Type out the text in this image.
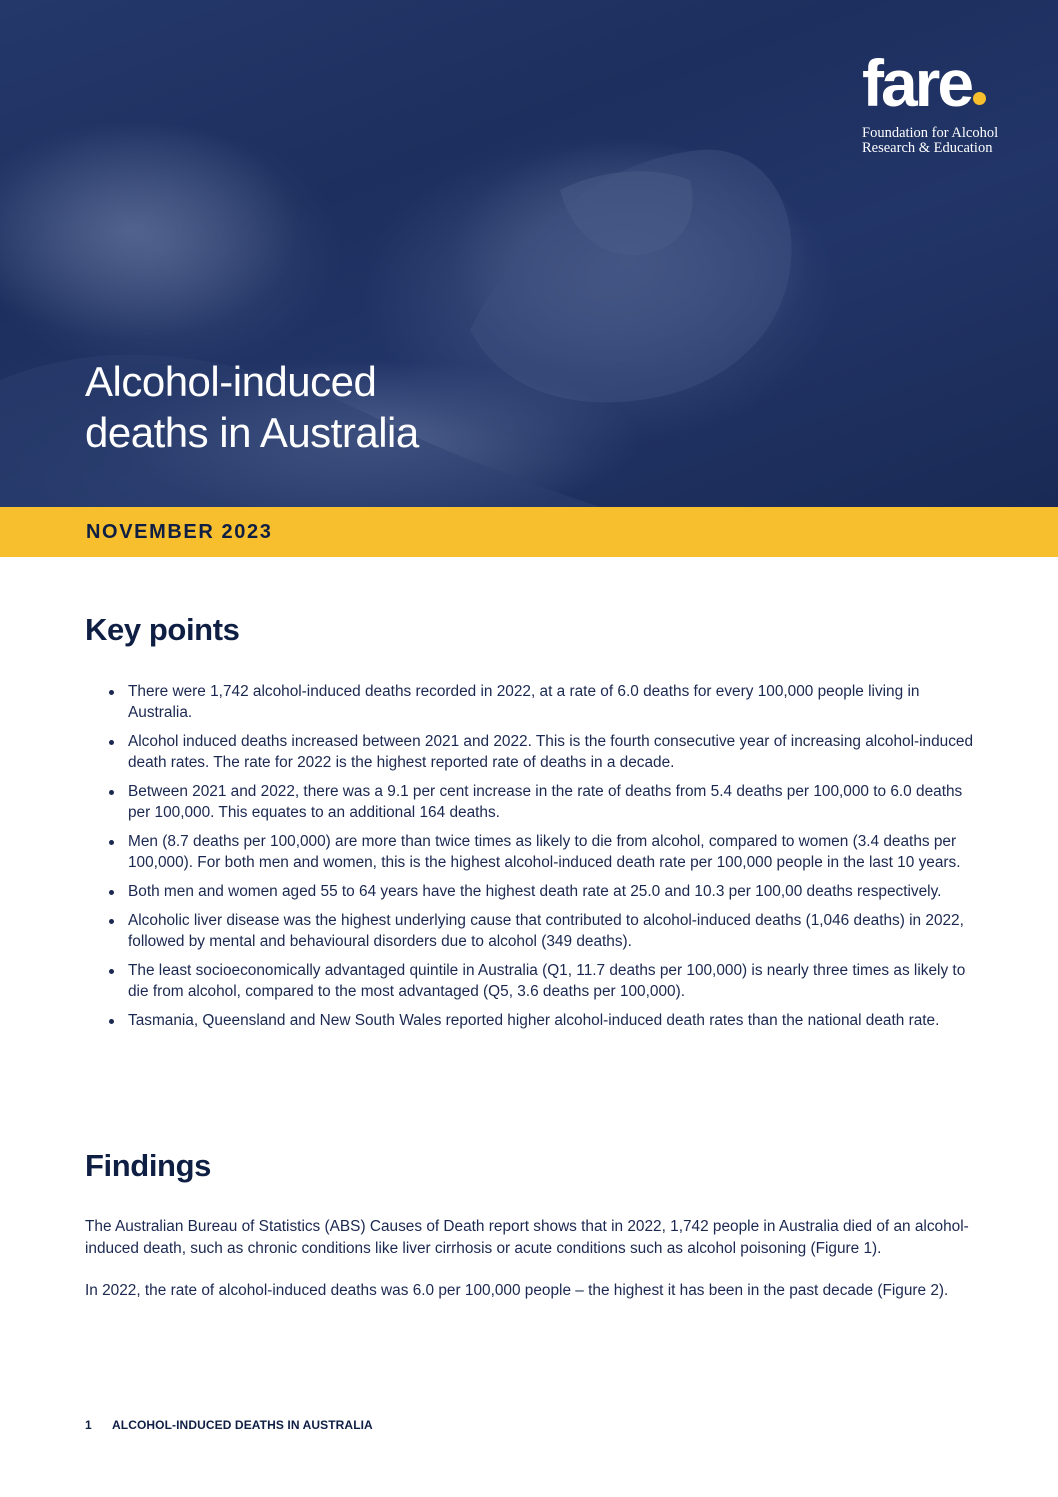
fare
Foundation for Alcohol
Research & Education
Alcohol-induced
deaths in Australia
NOVEMBER 2023
Key points
There were 1,742 alcohol-induced deaths recorded in 2022, at a rate of 6.0 deaths for every 100,000 people living in Australia.
Alcohol induced deaths increased between 2021 and 2022. This is the fourth consecutive year of increasing alcohol-induced death rates. The rate for 2022 is the highest reported rate of deaths in a decade.
Between 2021 and 2022, there was a 9.1 per cent increase in the rate of deaths from 5.4 deaths per 100,000 to 6.0 deaths per 100,000. This equates to an additional 164 deaths.
Men (8.7 deaths per 100,000) are more than twice times as likely to die from alcohol, compared to women (3.4 deaths per 100,000). For both men and women, this is the highest alcohol-induced death rate per 100,000 people in the last 10 years.
Both men and women aged 55 to 64 years have the highest death rate at 25.0 and 10.3 per 100,00 deaths respectively.
Alcoholic liver disease was the highest underlying cause that contributed to alcohol-induced deaths (1,046 deaths) in 2022, followed by mental and behavioural disorders due to alcohol (349 deaths).
The least socioeconomically advantaged quintile in Australia (Q1, 11.7 deaths per 100,000) is nearly three times as likely to die from alcohol, compared to the most advantaged (Q5, 3.6 deaths per 100,000).
Tasmania, Queensland and New South Wales reported higher alcohol-induced death rates than the national death rate.
Findings

The Australian Bureau of Statistics (ABS) Causes of Death report shows that in 2022, 1,742 people in Australia died of an alcohol-induced death, such as chronic conditions like liver cirrhosis or acute conditions such as alcohol poisoning (Figure 1).

In 2022, the rate of alcohol-induced deaths was 6.0 per 100,000 people – the highest it has been in the past decade (Figure 2).

1 ALCOHOL-INDUCED DEATHS IN AUSTRALIA
